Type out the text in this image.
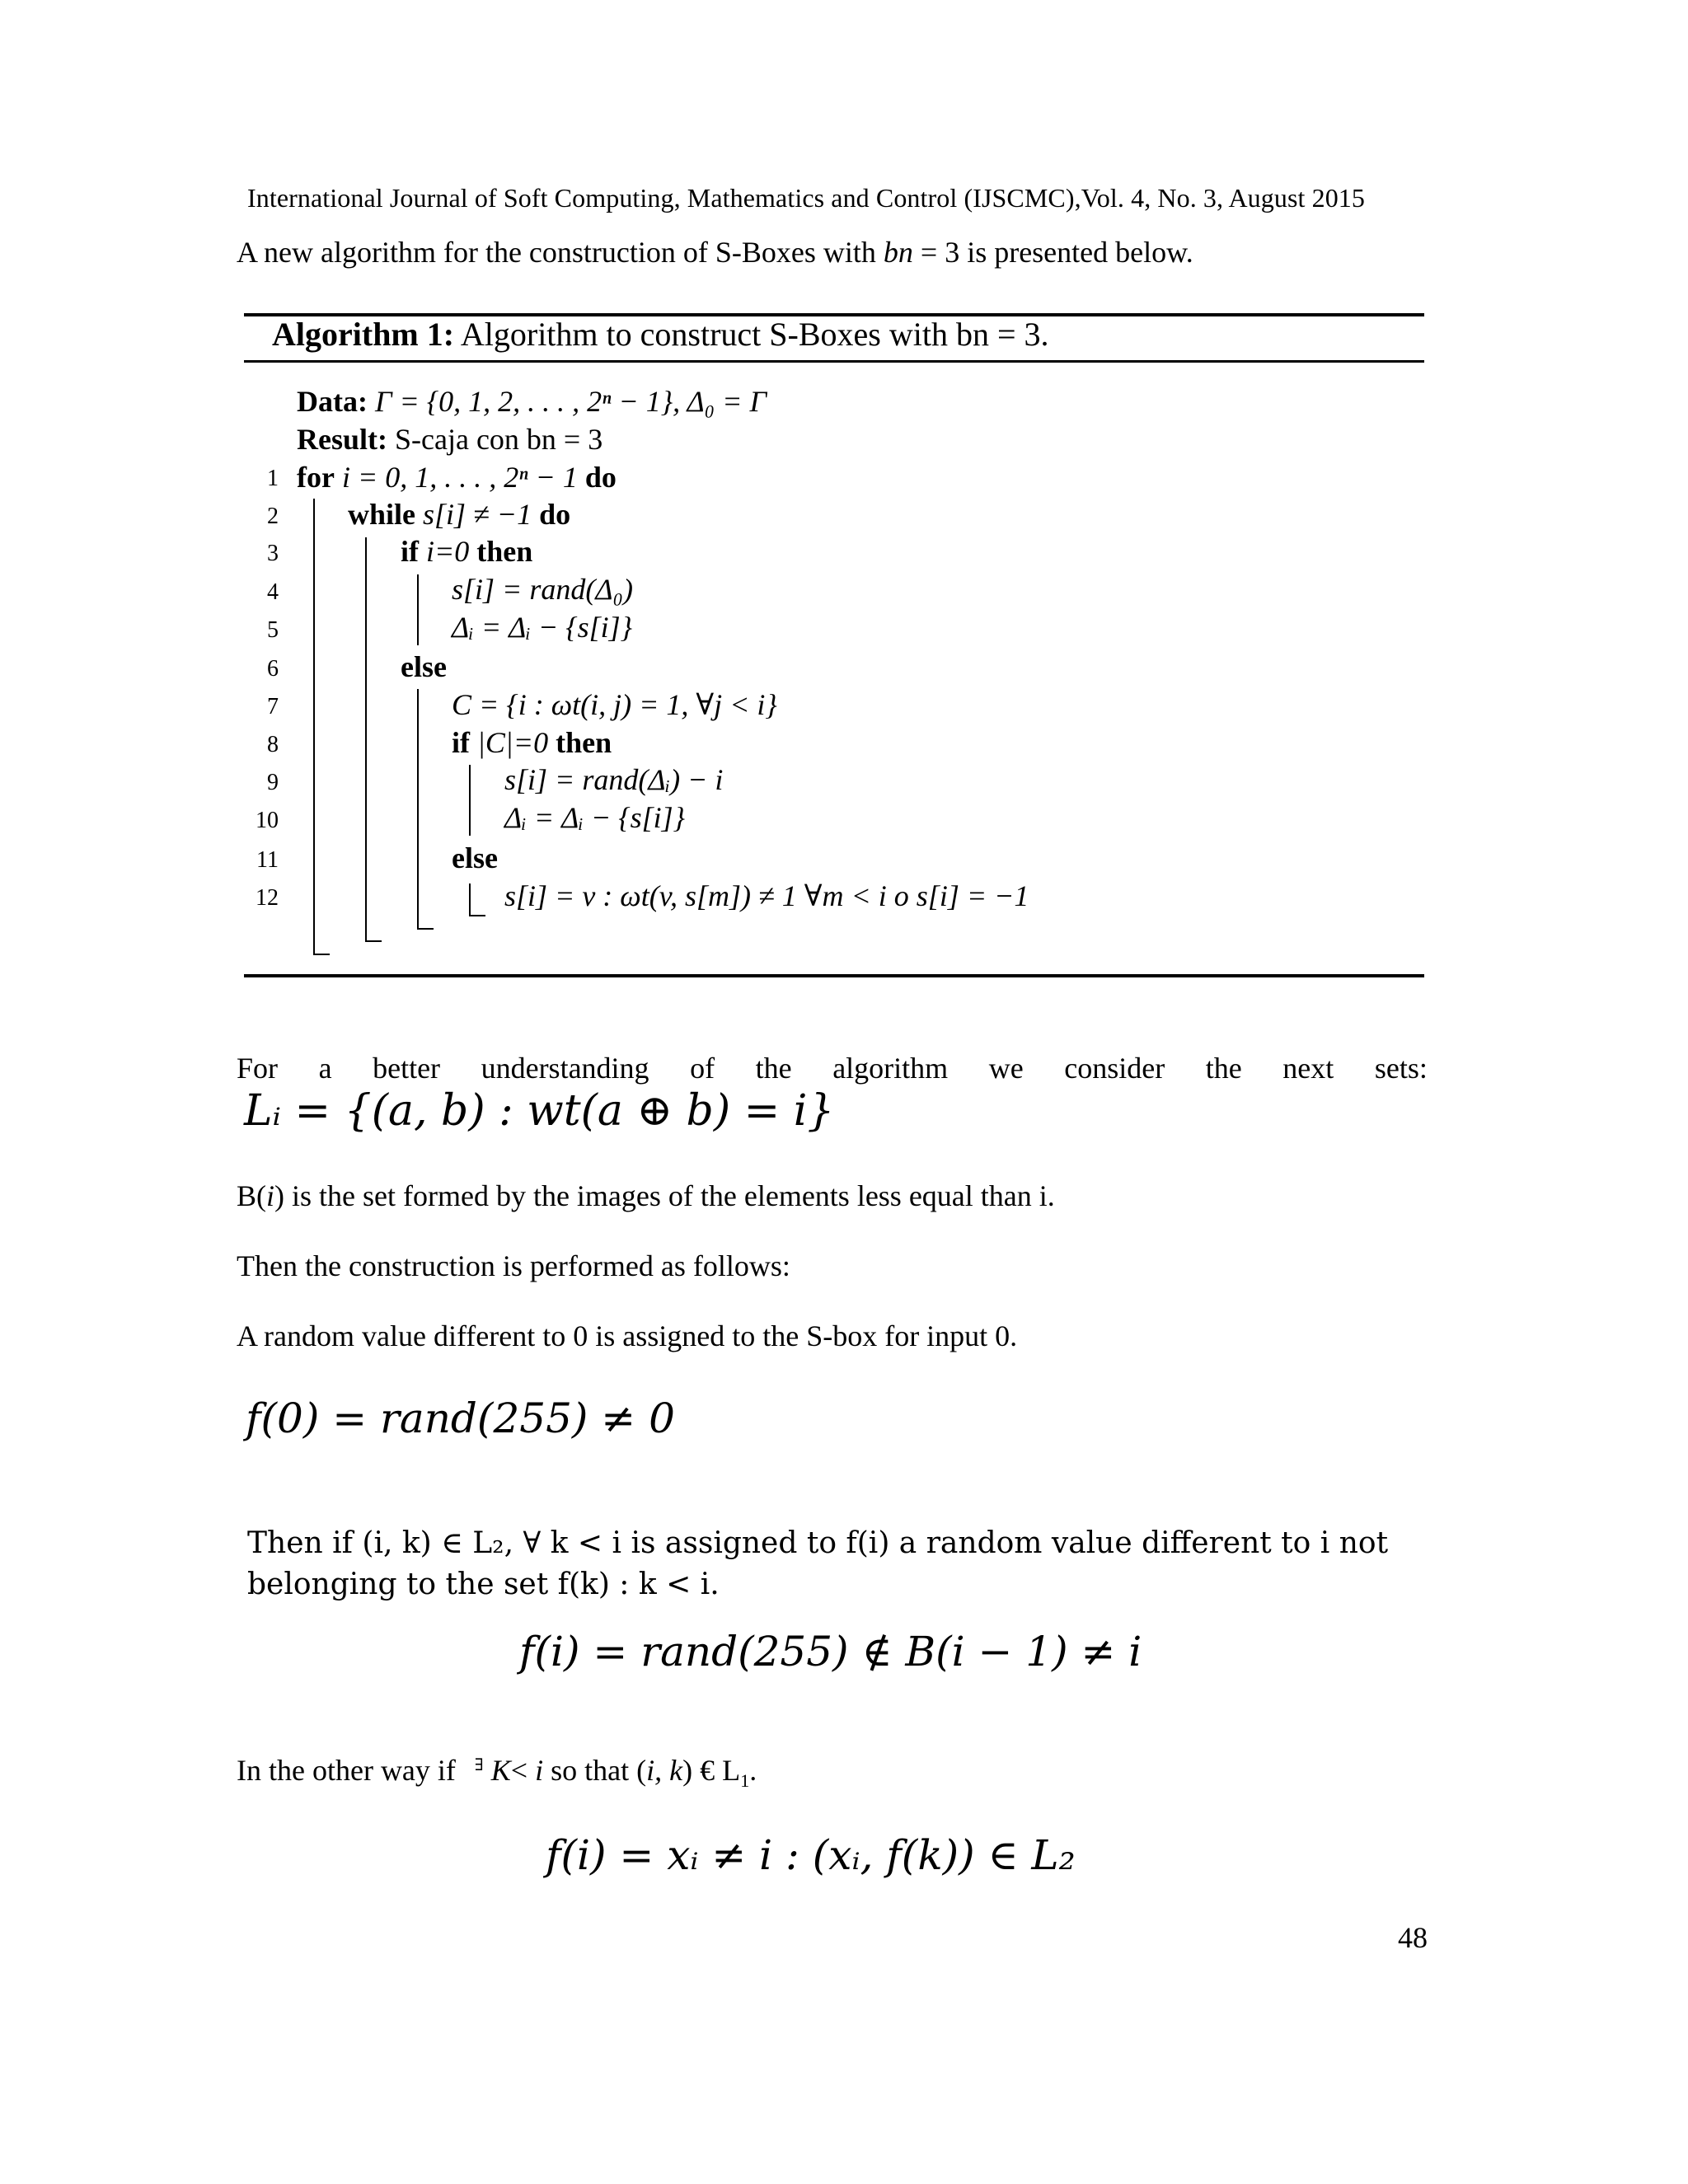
International Journal of Soft Computing, Mathematics and Control (IJSCMC),Vol. 4, No. 3, August 2015
A new algorithm for the construction of S-Boxes with bn = 3 is presented below.
Algorithm 1: Algorithm to construct S-Boxes with bn = 3.
Data: Γ = {0, 1, 2, . . . , 2ⁿ − 1}, Δ₀ = Γ
Result: S-caja con bn = 3
1
2
3
4
5
6
7
8
9
10
11
12
for i = 0, 1, . . . , 2ⁿ − 1 do
while s[i] ≠ −1 do
if i=0 then
s[i] = rand(Δ₀)
Δᵢ = Δᵢ − {s[i]}
else
C = {i : ωt(i, j) = 1, ∀j < i}
if |C|=0 then
s[i] = rand(Δᵢ) − i
Δᵢ = Δᵢ − {s[i]}
else
s[i] = v : ωt(v, s[m]) ≠ 1 ∀m < i o s[i] = −1
For a better understanding of the algorithm we consider the next sets:
Lᵢ = {(a, b) : wt(a ⊕ b) = i}
B(i) is the set formed by the images of the elements less equal than i.
Then the construction is performed as follows:
A random value different to 0 is assigned to the S-box for input 0.
f(0) = rand(255) ≠ 0
Then if (i, k) ∈ L₂, ∀ k < i is assigned to f(i) a random value different to i not
belonging to the set f(k) : k < i.
f(i) = rand(255) ∉ B(i − 1) ≠ i
In the other way if ∃ K< i so that (i, k) € $L_1$.
f(i) = xᵢ ≠ i : (xᵢ, f(k)) ∈ L₂
48
